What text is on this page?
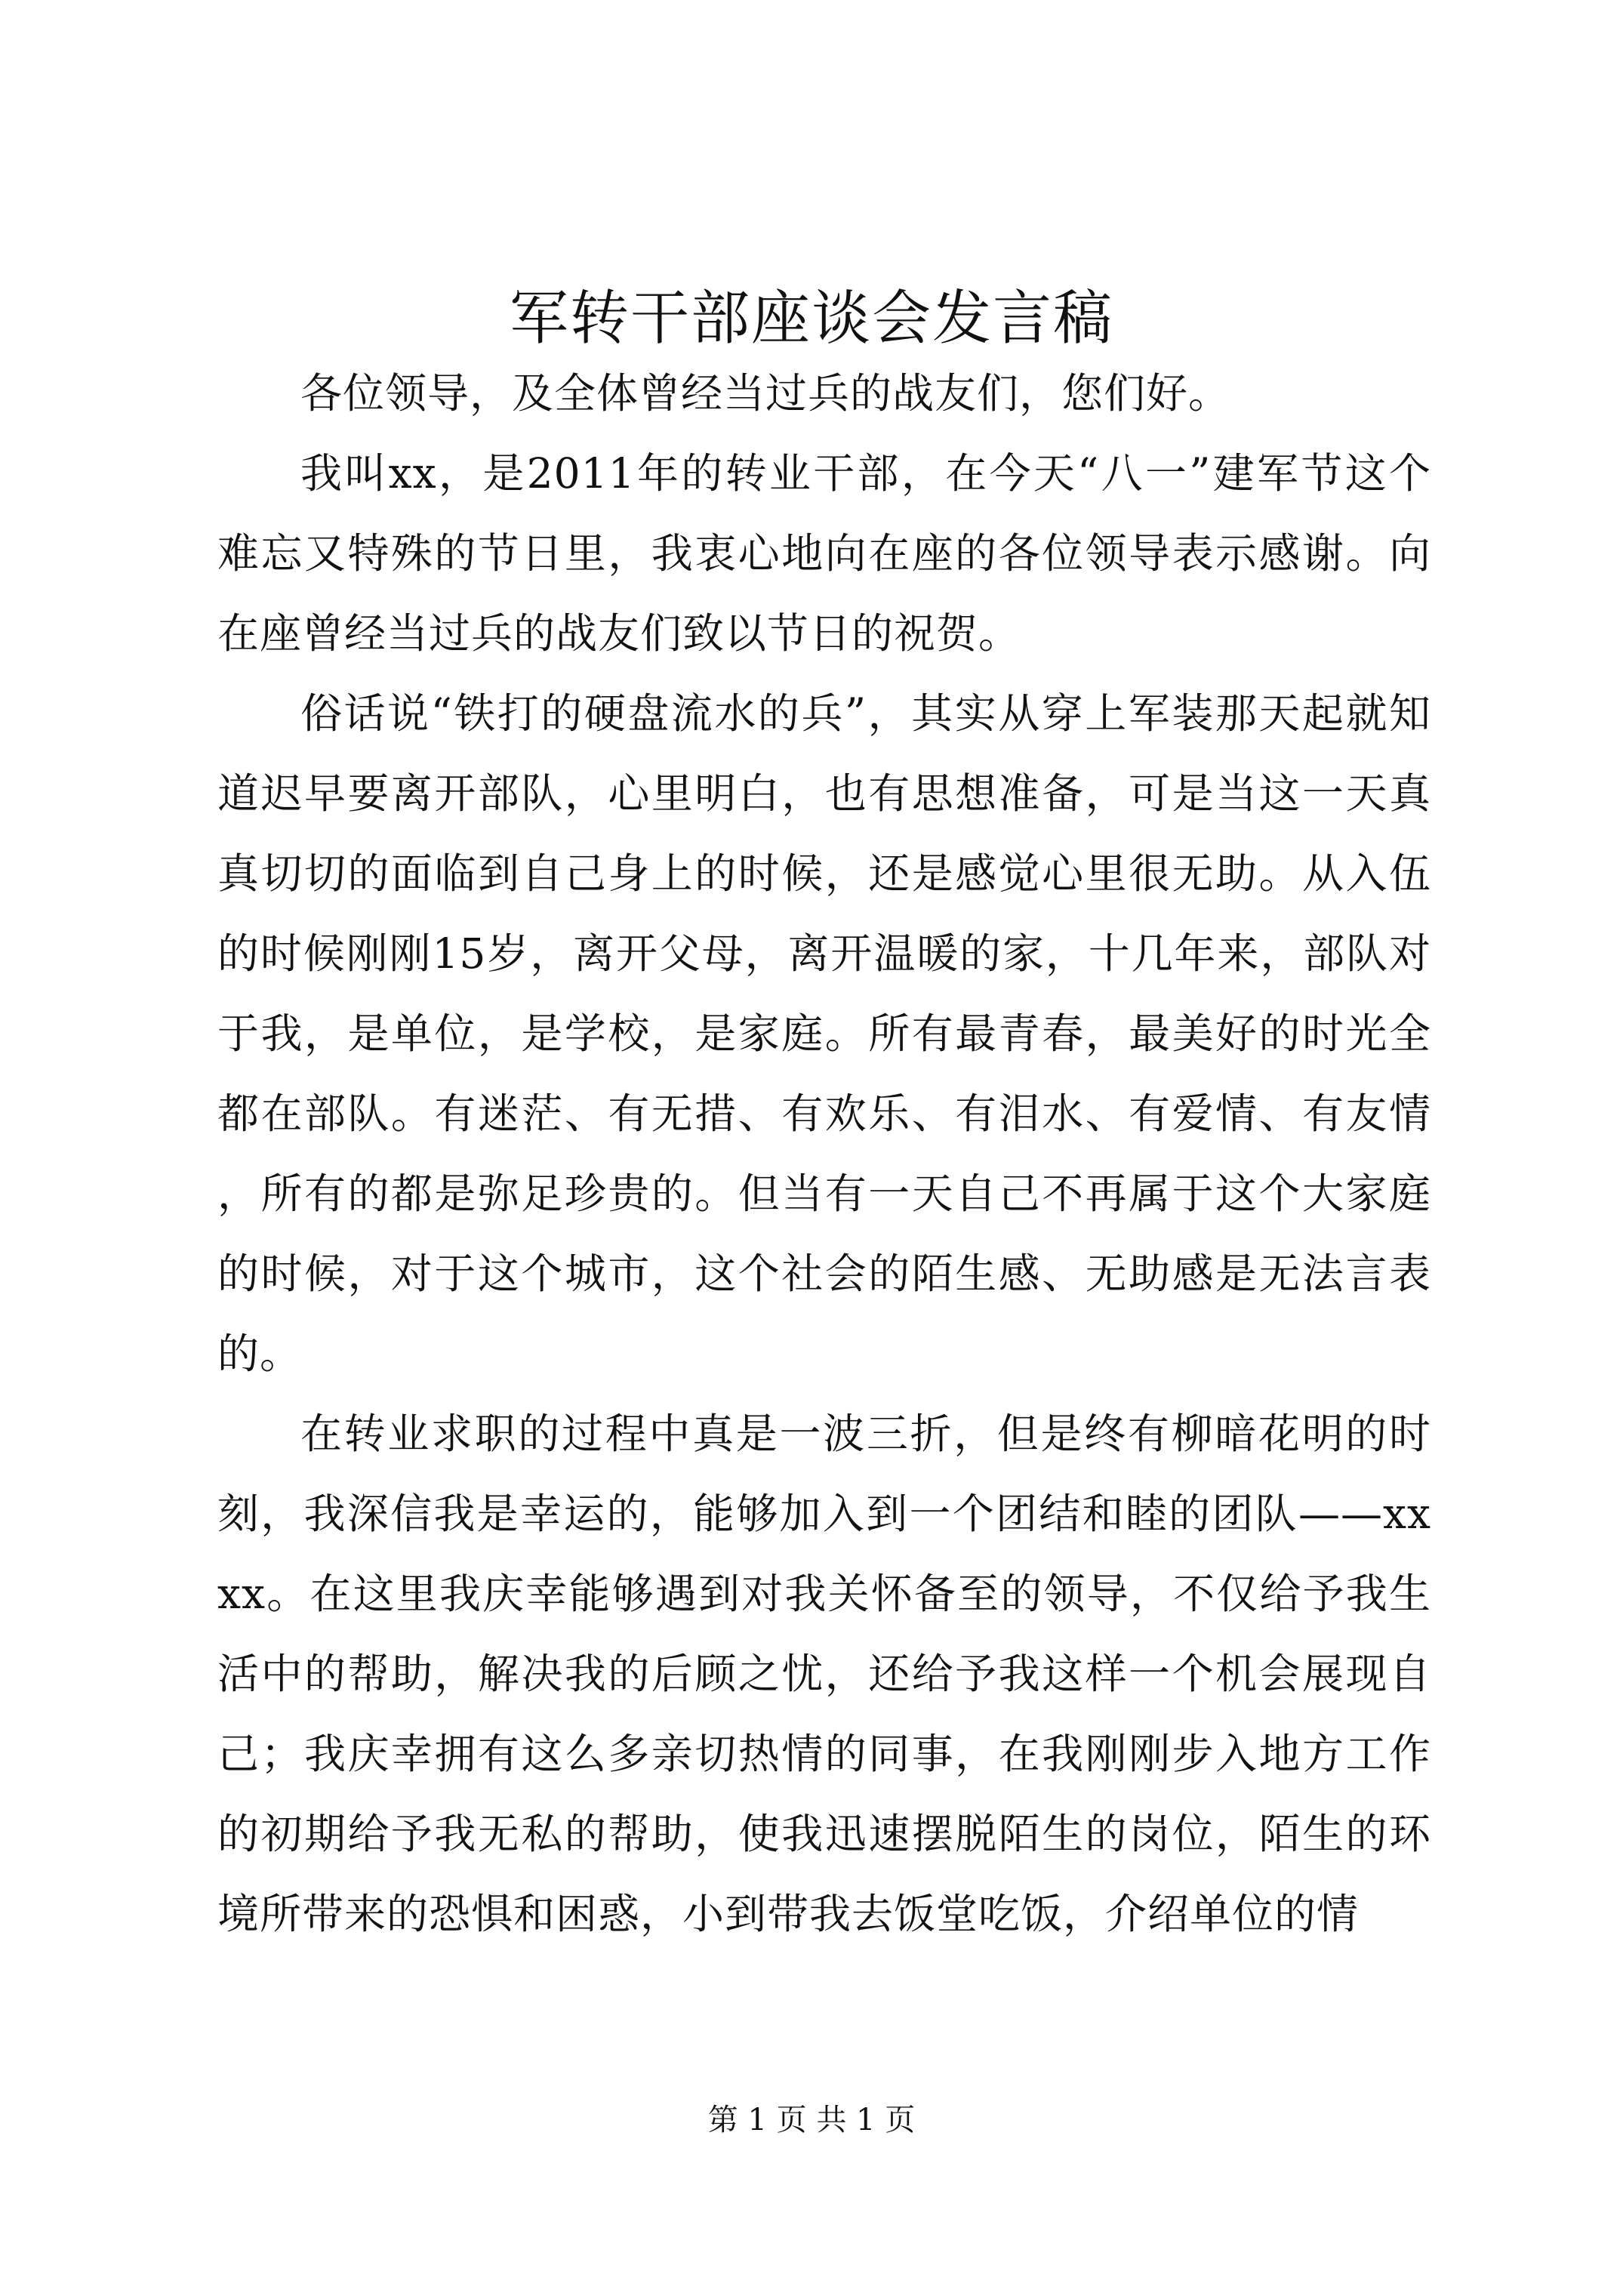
军转干部座谈会发言稿

各位领导，及全体曾经当过兵的战友们，您们好。

我叫xx，是2011年的转业干部，在今天“八一”建军节这个难忘又特殊的节日里，我衷心地向在座的各位领导表示感谢。向在座曾经当过兵的战友们致以节日的祝贺。

俗话说“铁打的硬盘流水的兵”，其实从穿上军装那天起就知道迟早要离开部队，心里明白，也有思想准备，可是当这一天真真切切的面临到自己身上的时候，还是感觉心里很无助。从入伍的时候刚刚15岁，离开父母，离开温暖的家，十几年来，部队对于我，是单位，是学校，是家庭。所有最青春，最美好的时光全都在部队。有迷茫、有无措、有欢乐、有泪水、有爱情、有友情，所有的都是弥足珍贵的。但当有一天自己不再属于这个大家庭的时候，对于这个城市，这个社会的陌生感、无助感是无法言表的。

在转业求职的过程中真是一波三折，但是终有柳暗花明的时刻，我深信我是幸运的，能够加入到一个团结和睦的团队——xxxx。在这里我庆幸能够遇到对我关怀备至的领导，不仅给予我生活中的帮助，解决我的后顾之忧，还给予我这样一个机会展现自己；我庆幸拥有这么多亲切热情的同事，在我刚刚步入地方工作的初期给予我无私的帮助，使我迅速摆脱陌生的岗位，陌生的环境所带来的恐惧和困惑，小到带我去饭堂吃饭，介绍单位的情

第 1 页 共 1 页
